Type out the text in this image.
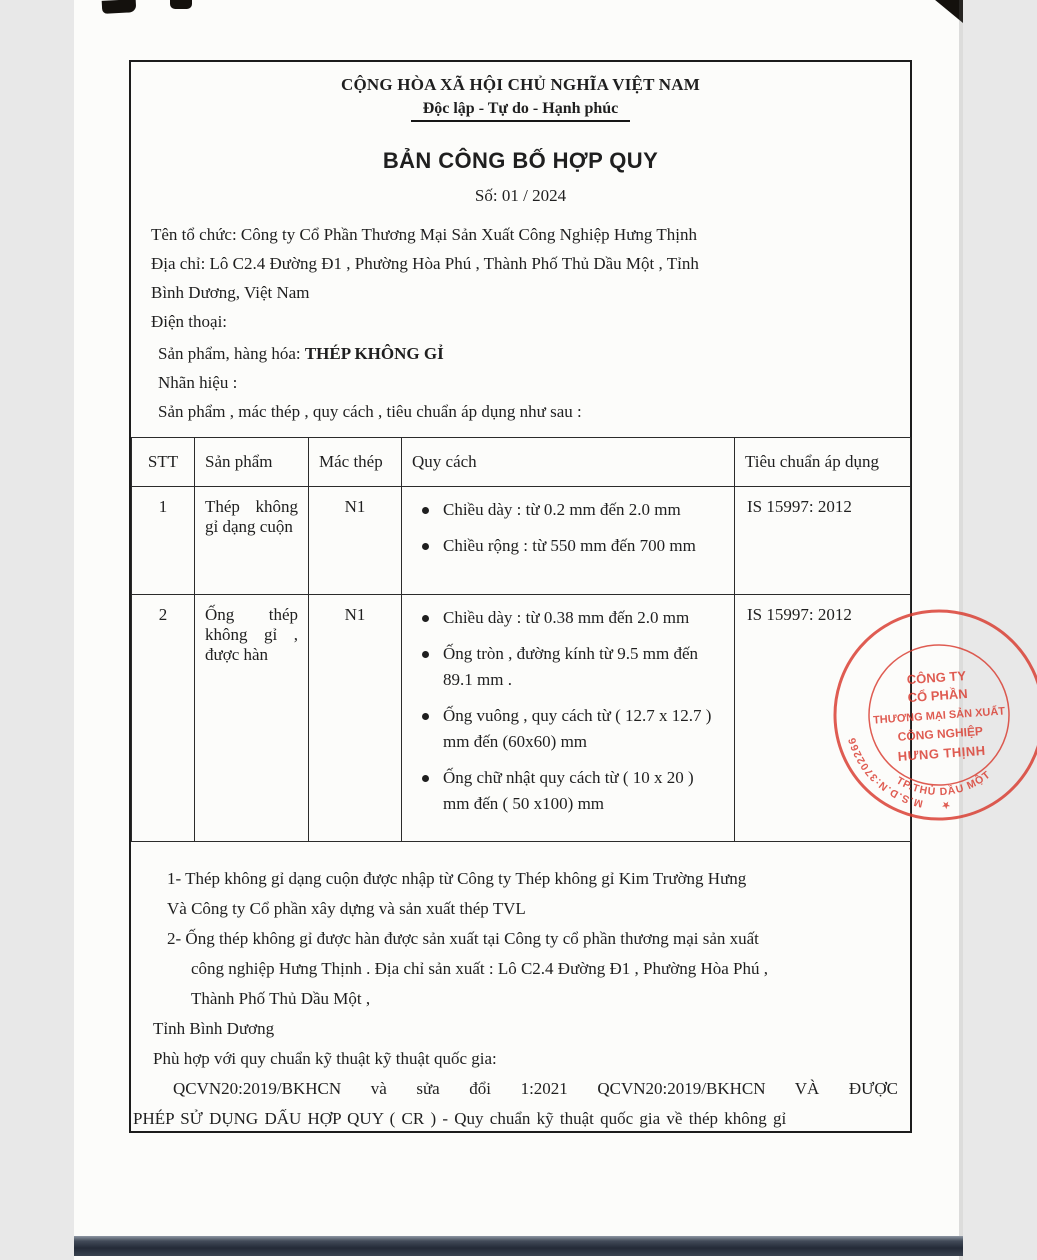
CỘNG HÒA XÃ HỘI CHỦ NGHĨA VIỆT NAM
Độc lập - Tự do - Hạnh phúc
BẢN CÔNG BỐ HỢP QUY
Số: 01 / 2024
Tên tổ chức: Công ty Cổ Phần Thương Mại Sản Xuất Công Nghiệp Hưng Thịnh
Địa chỉ: Lô C2.4 Đường Đ1 , Phường Hòa Phú , Thành Phố Thủ Dầu Một , Tỉnh
Bình Dương, Việt Nam
Điện thoại:
Sản phẩm, hàng hóa: THÉP KHÔNG GỈ
Nhãn hiệu :
Sản phẩm , mác thép , quy cách , tiêu chuẩn áp dụng như sau :
STT	Sản phẩm	Mác thép	Quy cách	Tiêu chuẩn áp dụng
1	Thép không gỉ dạng cuộn	N1	Chiều dày : từ 0.2 mm đến 2.0 mm
Chiều rộng : từ 550 mm đến 700 mm	IS 15997: 2012
2	Ống thép không gỉ , được hàn	N1	Chiều dày : từ 0.38 mm đến 2.0 mm
Ống tròn , đường kính từ 9.5 mm đến 89.1 mm .
Ống vuông , quy cách từ ( 12.7 x 12.7 ) mm đến (60x60) mm
Ống chữ nhật quy cách từ ( 10 x 20 ) mm đến ( 50 x100) mm	IS 15997: 2012
1- Thép không gỉ dạng cuộn được nhập từ Công ty Thép không gỉ Kim Trường Hưng
Và Công ty Cổ phần xây dựng và sản xuất thép TVL
2- Ống thép không gỉ được hàn được sản xuất tại Công ty cổ phần thương mại sản xuất
công nghiệp Hưng Thịnh . Địa chỉ sản xuất : Lô C2.4 Đường Đ1 , Phường Hòa Phú ,
Thành Phố Thủ Dầu Một ,
Tỉnh Bình Dương
Phù hợp với quy chuẩn kỹ thuật kỹ thuật quốc gia:
QCVN20:2019/BKHCN và sửa đổi 1:2021 QCVN20:2019/BKHCN VÀ ĐƯỢC
PHÉP SỬ DỤNG DẤU HỢP QUY ( CR ) - Quy chuẩn kỹ thuật quốc gia về thép không gỉ
M.S.D.N:3702266
★
TP.THỦ DẦU MỘT
CÔNG TY
CỔ PHẦN
THƯƠNG MẠI SẢN XUẤT
CÔNG NGHIỆP
HƯNG THỊNH
